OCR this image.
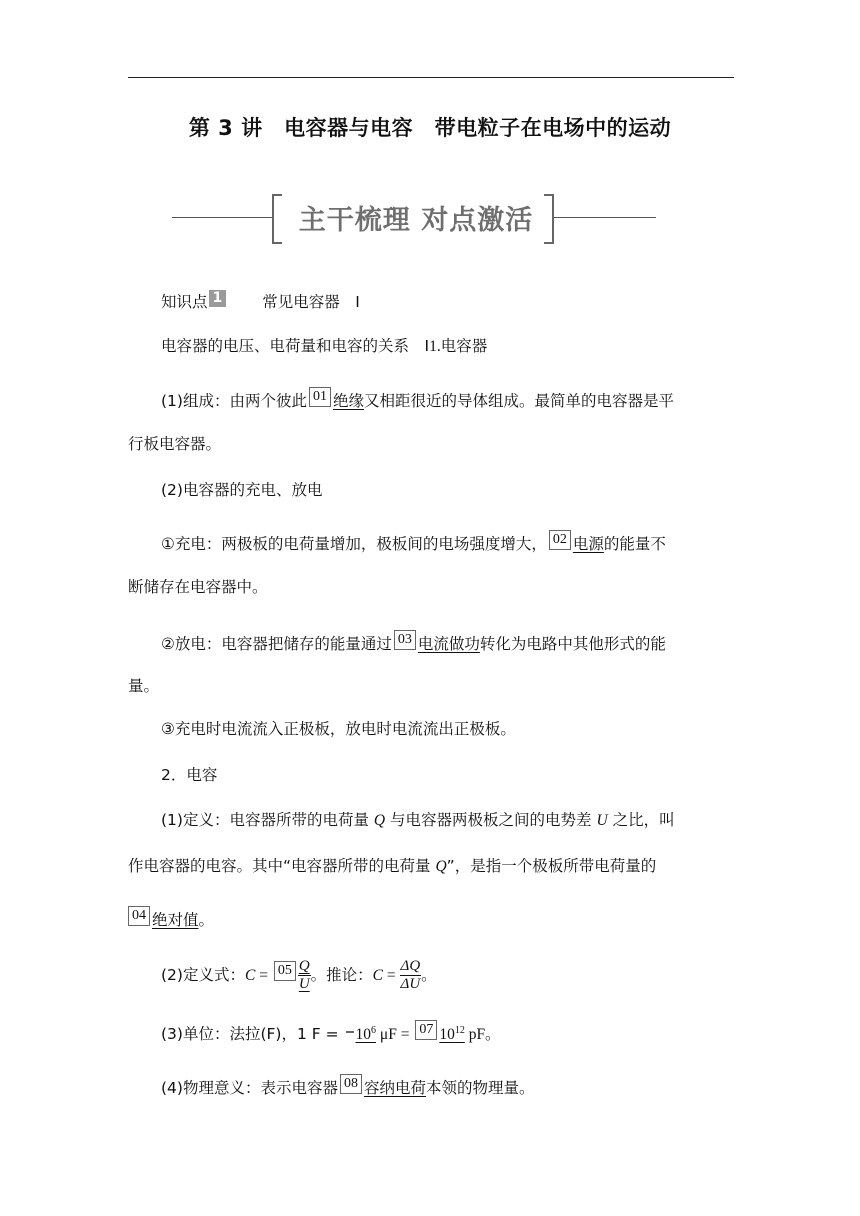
第 3 讲　电容器与电容　带电粒子在电场中的运动
主干梳理 对点激活
知识点 1	常见电容器　Ⅰ
电容器的电压、电荷量和电容的关系　Ⅰ1.电容器
(1)组成：由两个彼此 01 绝缘又相距很近的导体组成。最简单的电容器是平
行板电容器。
(2)电容器的充电、放电
①充电：两极板的电荷量增加，极板间的电场强度增大， 02 电源的能量不
断储存在电容器中。
②放电：电容器把储存的能量通过 03 电流做功转化为电路中其他形式的能
量。
③充电时电流流入正极板，放电时电流流出正极板。
2．电容
(1)定义：电容器所带的电荷量 Q 与电容器两极板之间的电势差 U 之比，叫
作电容器的电容。其中“电容器所带的电荷量 Q”，是指一个极板所带电荷量的
04 绝对值。
(2)定义式：$C = 05 \frac{Q}{U}$ 。推论：$C = \frac{\Delta Q}{\Delta U}$ 。
(3)单位：法拉(F)，1 $F = 10^6$ μF = 07 $10^{12}$ pF。
(4)物理意义：表示电容器 08 容纳电荷本领的物理量。
